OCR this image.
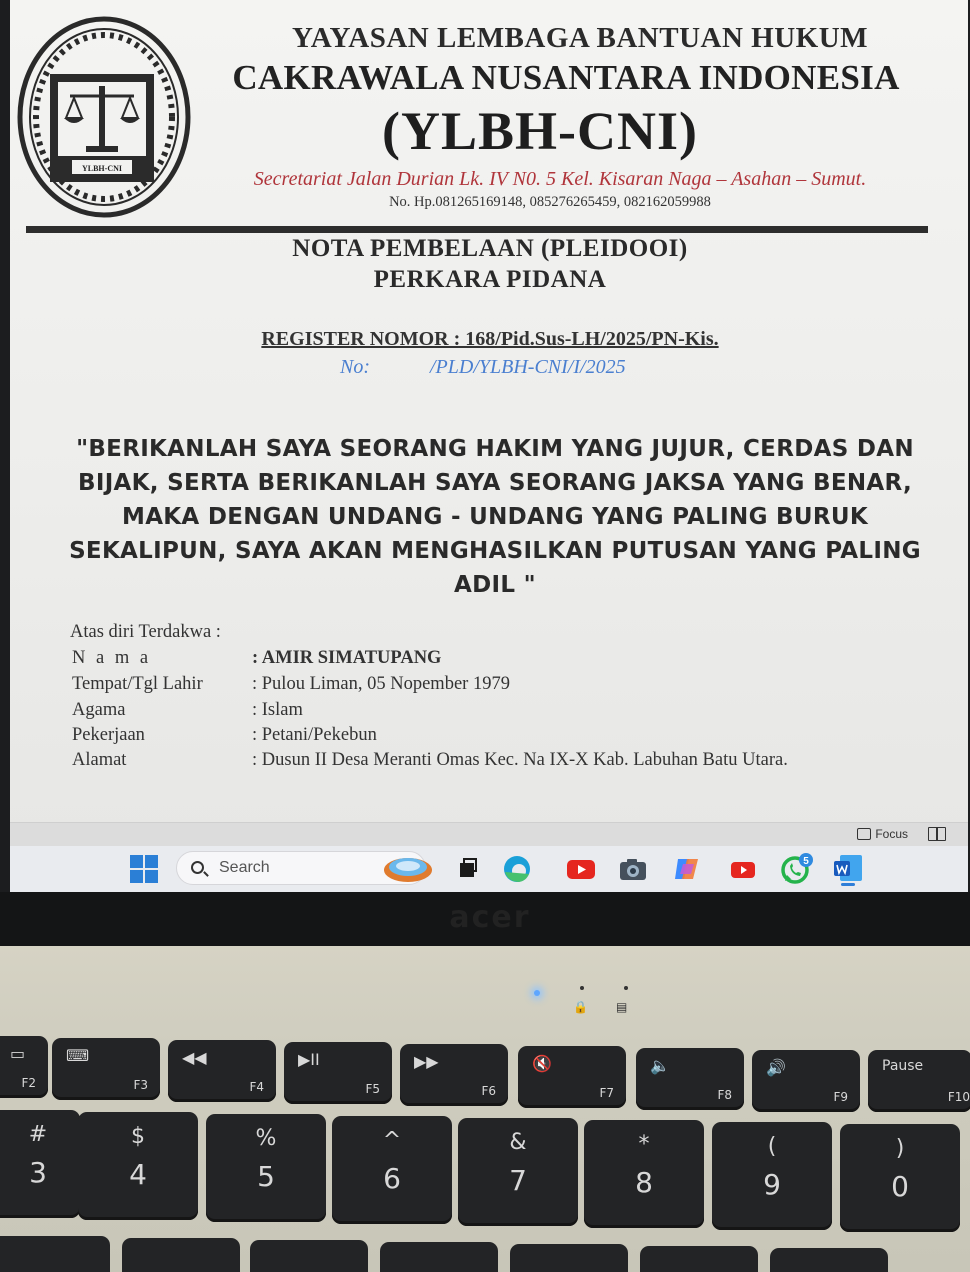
YLBH-CNI
YAYASAN LEMBAGA BANTUAN HUKUM
CAKRAWALA NUSANTARA INDONESIA
(YLBH-CNI)
Secretariat Jalan Durian Lk. IV N0. 5 Kel. Kisaran Naga – Asahan – Sumut.
No. Hp.081265169148, 085276265459, 082162059988
NOTA PEMBELAAN (PLEIDOOI)
PERKARA PIDANA
REGISTER NOMOR : 168/Pid.Sus-LH/2025/PN-Kis.
No:	/PLD/YLBH-CNI/I/2025
"BERIKANLAH SAYA SEORANG HAKIM YANG JUJUR, CERDAS DAN BIJAK, SERTA BERIKANLAH SAYA SEORANG JAKSA YANG BENAR, MAKA DENGAN UNDANG - UNDANG YANG PALING BURUK SEKALIPUN, SAYA AKAN MENGHASILKAN PUTUSAN YANG PALING ADIL "
Atas diri Terdakwa :
N a m a	: AMIR SIMATUPANG
Tempat/Tgl Lahir	: Pulou Liman, 05 Nopember 1979
Agama	: Islam
Pekerjaan	: Petani/Pekebun
Alamat	: Dusun II Desa Meranti Omas Kec. Na IX-X Kab. Labuhan Batu Utara.
Focus
Search	5
acer
🔒 ▤
▭
F2
⌨
F3
◀◀
F4
▶II
F5
▶▶
F6
🔇
F7
🔈
F8
🔊
F9
Pause
F10
#
3
$
4
%
5
^
6
&
7
*
8
(
9
)
0
